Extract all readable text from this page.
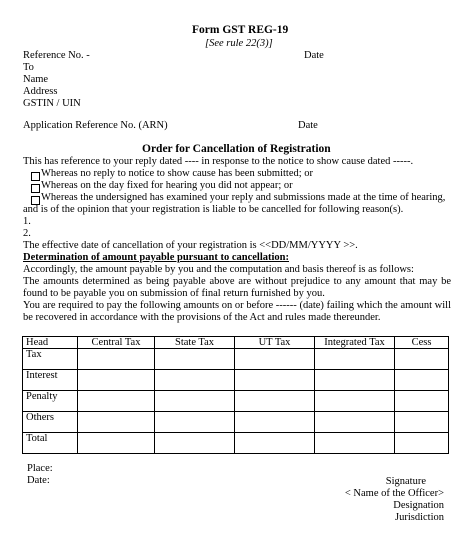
Form GST REG-19
[See rule 22(3)]
Reference No. -	Date
To
Name
Address
GSTIN / UIN
Application Reference No. (ARN)	Date
Order for Cancellation of Registration
This has reference to your reply dated ---- in response to the notice to show cause dated -----.
Whereas no reply to notice to show cause has been submitted; or
Whereas on the day fixed for hearing you did not appear; or
Whereas the undersigned has examined your reply and submissions made at the time of hearing,
and is of the opinion that your registration is liable to be cancelled for following reason(s).
1.
2.
The effective date of cancellation of your registration is <<DD/MM/YYYY >>.
Determination of amount payable pursuant to cancellation:
Accordingly, the amount payable by you and the computation and basis thereof is as follows:
The amounts determined as being payable above are without prejudice to any amount that may be found to be payable you on submission of final return furnished by you.
You are required to pay the following amounts on or before ------ (date) failing which the amount will be recovered in accordance with the provisions of the Act and rules made thereunder.
Head	Central Tax	State Tax	UT Tax	Integrated Tax	Cess
Tax					
Interest					
Penalty					
Others					
Total					
Place:
Date:	Signature
< Name of the Officer>
Designation
Jurisdiction
